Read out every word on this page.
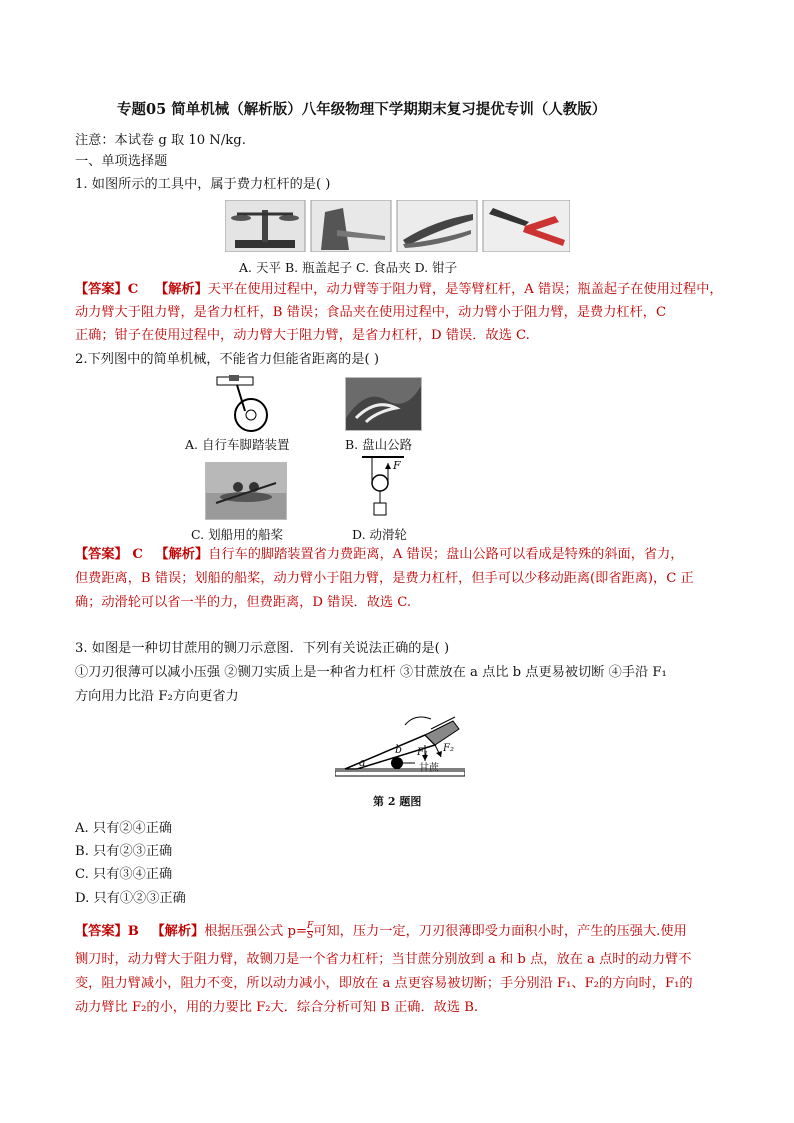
专题05 简单机械（解析版）八年级物理下学期期末复习提优专训（人教版）
注意：本试卷 g 取 10 N/kg.
一、单项选择题
1. 如图所示的工具中，属于费力杠杆的是( )
A. 天平 B. 瓶盖起子 C. 食品夹 D. 钳子
【答案】C 【解析】天平在使用过程中，动力臂等于阻力臂，是等臂杠杆，A 错误；瓶盖起子在使用过程中，
动力臂大于阻力臂，是省力杠杆，B 错误；食品夹在使用过程中，动力臂小于阻力臂，是费力杠杆，C
正确；钳子在使用过程中，动力臂大于阻力臂，是省力杠杆，D 错误．故选 C.
2.下列图中的简单机械，不能省力但能省距离的是( )
A. 自行车脚踏装置	B. 盘山公路
F
C. 划船用的船桨	D. 动滑轮
【答案】 C 【解析】自行车的脚踏装置省力费距离，A 错误；盘山公路可以看成是特殊的斜面，省力，
但费距离，B 错误；划船的船桨，动力臂小于阻力臂，是费力杠杆，但手可以少移动距离(即省距离)，C 正
确；动滑轮可以省一半的力，但费距离，D 错误．故选 C.
3. 如图是一种切甘蔗用的铡刀示意图．下列有关说法正确的是( )
①刀刃很薄可以减小压强 ②铡刀实质上是一种省力杠杆 ③甘蔗放在 a 点比 b 点更易被切断 ④手沿 F₁
方向用力比沿 F₂方向更省力
a
b F₁ F₂
甘蔗
第 2 题图
A. 只有②④正确
B. 只有②③正确
C. 只有③④正确
D. 只有①②③正确
【答案】B 【解析】根据压强公式 $p= \frac{F}{S}$ 可知，压力一定，刀刃很薄即受力面积小时，产生的压强大.使用
铡刀时，动力臂大于阻力臂，故铡刀是一个省力杠杆；当甘蔗分别放到 a 和 b 点，放在 a 点时的动力臂不
变，阻力臂减小，阻力不变，所以动力减小，即放在 a 点更容易被切断；手分别沿 F₁、F₂的方向时，F₁的
动力臂比 F₂的小，用的力要比 F₂大．综合分析可知 B 正确．故选 B.
